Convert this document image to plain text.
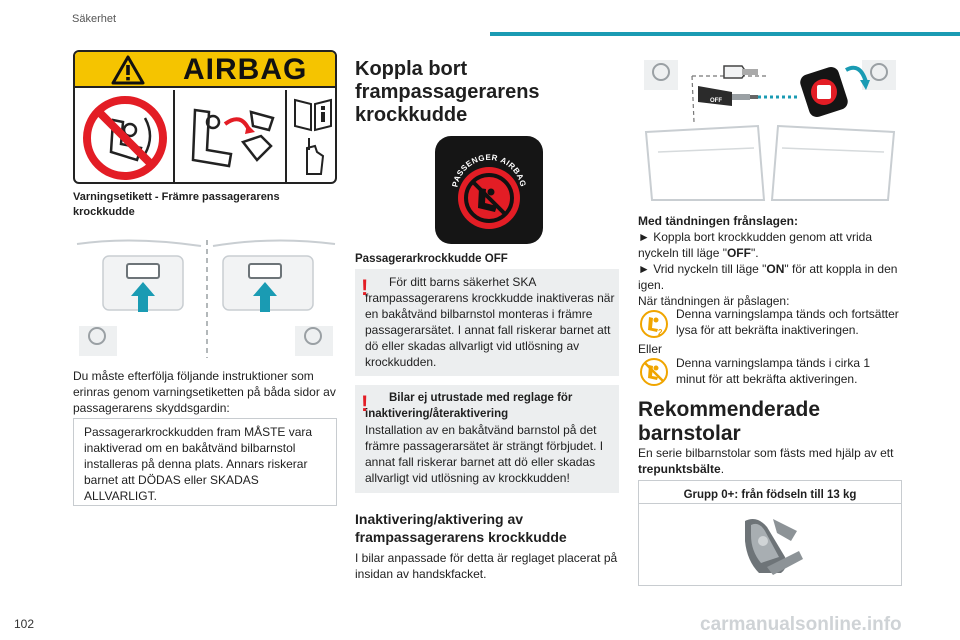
Säkerhet
AIRBAG
Varningsetikett - Främre passagerarens krockkudde
Du måste efterfölja följande instruktioner som erinras genom varningsetiketten på båda sidor av passagerarens skyddsgardin:
Passagerarkrockkudden fram MÅSTE vara inaktiverad om en bakåtvänd bilbarnstol installeras på denna plats. Annars riskerar barnet att DÖDAS eller SKADAS ALLVARLIGT.
Koppla bort frampassagerarens krockkudde
PASSENGER AIRBAG
Passagerarkrockkudde OFF
!	För ditt barns säkerhet SKA frampassagerarens krockkudde inaktiveras när en bakåtvänd bilbarnstol monteras i främre passagerarsätet. I annat fall riskerar barnet att dö eller skadas allvarligt vid utlösning av krockkudden.
!	Bilar ej utrustade med reglage för inaktivering/återaktivering
Installation av en bakåtvänd barnstol på det främre passagerarsätet är strängt förbjudet. I annat fall riskerar barnet att dö eller skadas allvarligt vid utlösning av krockkudden!
Inaktivering/aktivering av frampassagerarens krockkudde
I bilar anpassade för detta är reglaget placerat på insidan av handskfacket.
OFF
Med tändningen frånslagen:
► Koppla bort krockkudden genom att vrida nyckeln till läge "OFF".
► Vrid nyckeln till läge "ON" för att koppla in den igen.
När tändningen är påslagen:
2
Denna varningslampa tänds och fortsätter lysa för att bekräfta inaktiveringen.
Eller
Denna varningslampa tänds i cirka 1 minut för att bekräfta aktiveringen.
Rekommenderade barnstolar
En serie bilbarnstolar som fästs med hjälp av ett trepunktsbälte.
Grupp 0+: från födseln till 13 kg
102	carmanualsonline.info
